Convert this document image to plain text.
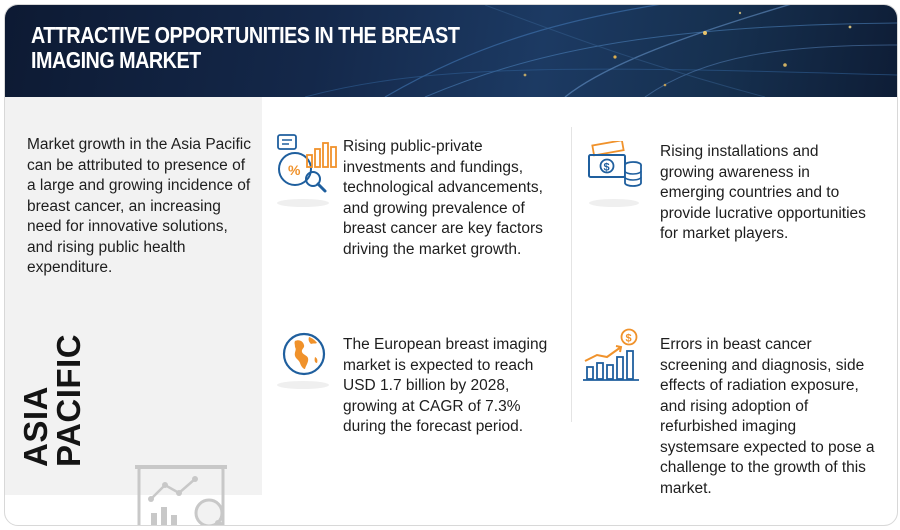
ATTRACTIVE OPPORTUNITIES IN THE BREAST IMAGING MARKET
Market growth in the Asia Pacific can be attributed to presence of a large and growing incidence of breast cancer, an increasing need for innovative solutions, and rising public health expenditure.
ASIA
PACIFIC
%
Rising public-private investments and fundings, technological advancements, and growing prevalence of breast cancer are key factors driving the market growth.
$
Rising installations and growing awareness in emerging countries and to provide lucrative opportunities for market players.
The European breast imaging market is expected to reach USD 1.7 billion by 2028, growing at CAGR of 7.3% during the forecast period.
$ Errors in beast cancer screening and diagnosis, side effects of radiation exposure, and rising adoption of refurbished imaging systemsare expected to pose a challenge to the growth of this market.
